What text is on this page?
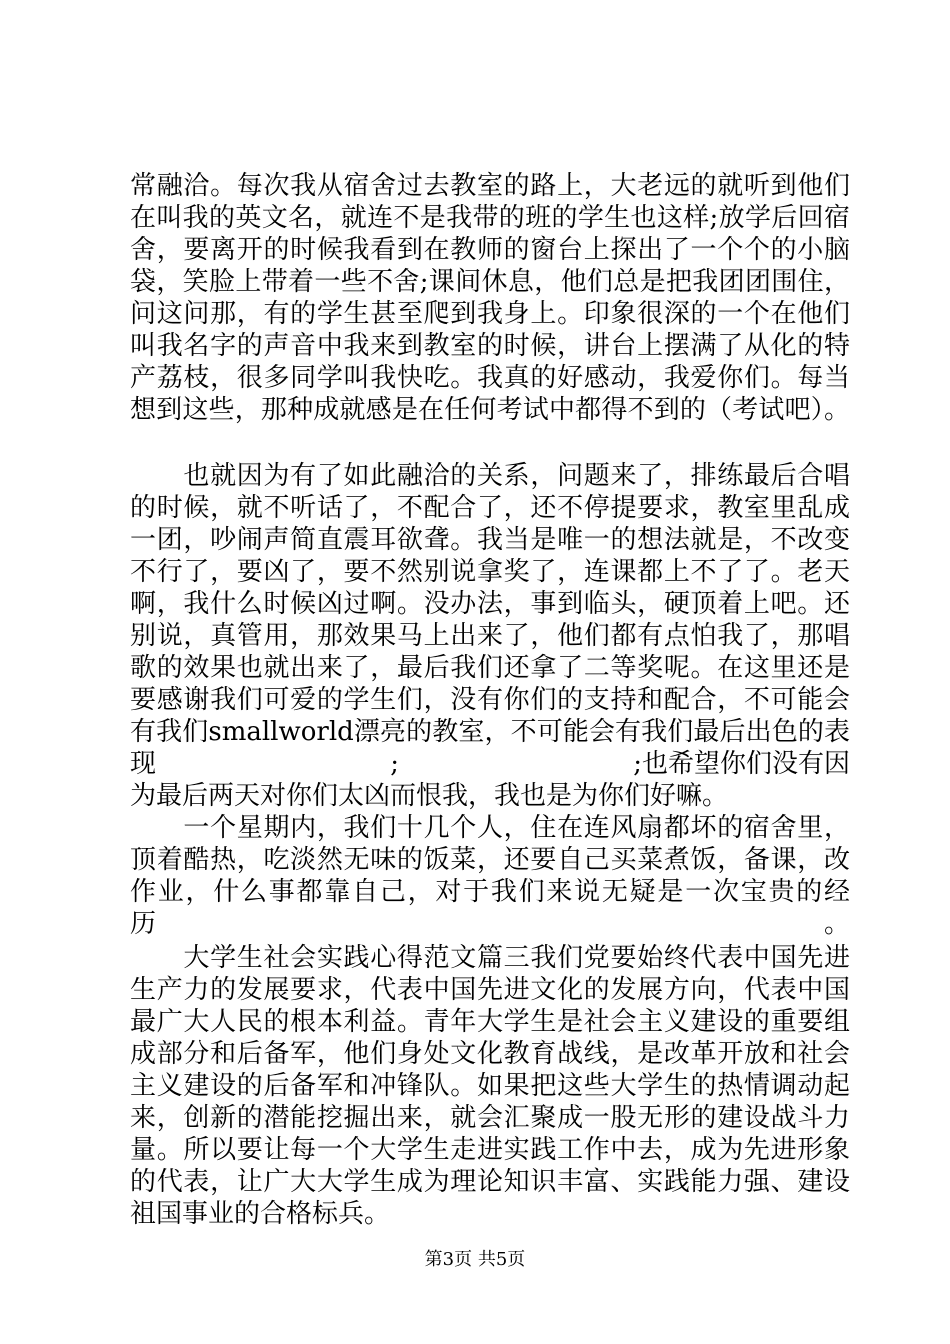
常融洽。每次我从宿舍过去教室的路上，大老远的就听到他们
在叫我的英文名，就连不是我带的班的学生也这样;放学后回宿
舍，要离开的时候我看到在教师的窗台上探出了一个个的小脑
袋，笑脸上带着一些不舍;课间休息，他们总是把我团团围住，
问这问那，有的学生甚至爬到我身上。印象很深的一个在他们
叫我名字的声音中我来到教室的时候，讲台上摆满了从化的特
产荔枝，很多同学叫我快吃。我真的好感动，我爱你们。每当
想到这些，那种成就感是在任何考试中都得不到的（考试吧）。
　　也就因为有了如此融洽的关系，问题来了，排练最后合唱
的时候，就不听话了，不配合了，还不停提要求，教室里乱成
一团，吵闹声简直震耳欲聋。我当是唯一的想法就是，不改变
不行了，要凶了，要不然别说拿奖了，连课都上不了了。老天
啊，我什么时候凶过啊。没办法，事到临头，硬顶着上吧。还
别说，真管用，那效果马上出来了，他们都有点怕我了，那唱
歌的效果也就出来了，最后我们还拿了二等奖呢。在这里还是
要感谢我们可爱的学生们，没有你们的支持和配合，不可能会
有我们smallworld漂亮的教室，不可能会有我们最后出色的表
现	;	;也希望你们没有因
为最后两天对你们太凶而恨我，我也是为你们好嘛。
　　一个星期内，我们十几个人，住在连风扇都坏的宿舍里，
顶着酷热，吃淡然无味的饭菜，还要自己买菜煮饭，备课，改
作业，什么事都靠自己，对于我们来说无疑是一次宝贵的经历。
　　大学生社会实践心得范文篇三我们党要始终代表中国先进
生产力的发展要求，代表中国先进文化的发展方向，代表中国
最广大人民的根本利益。青年大学生是社会主义建设的重要组
成部分和后备军，他们身处文化教育战线，是改革开放和社会
主义建设的后备军和冲锋队。如果把这些大学生的热情调动起
来，创新的潜能挖掘出来，就会汇聚成一股无形的建设战斗力
量。所以要让每一个大学生走进实践工作中去，成为先进形象
的代表，让广大大学生成为理论知识丰富、实践能力强、建设
祖国事业的合格标兵。
第3页 共5页
